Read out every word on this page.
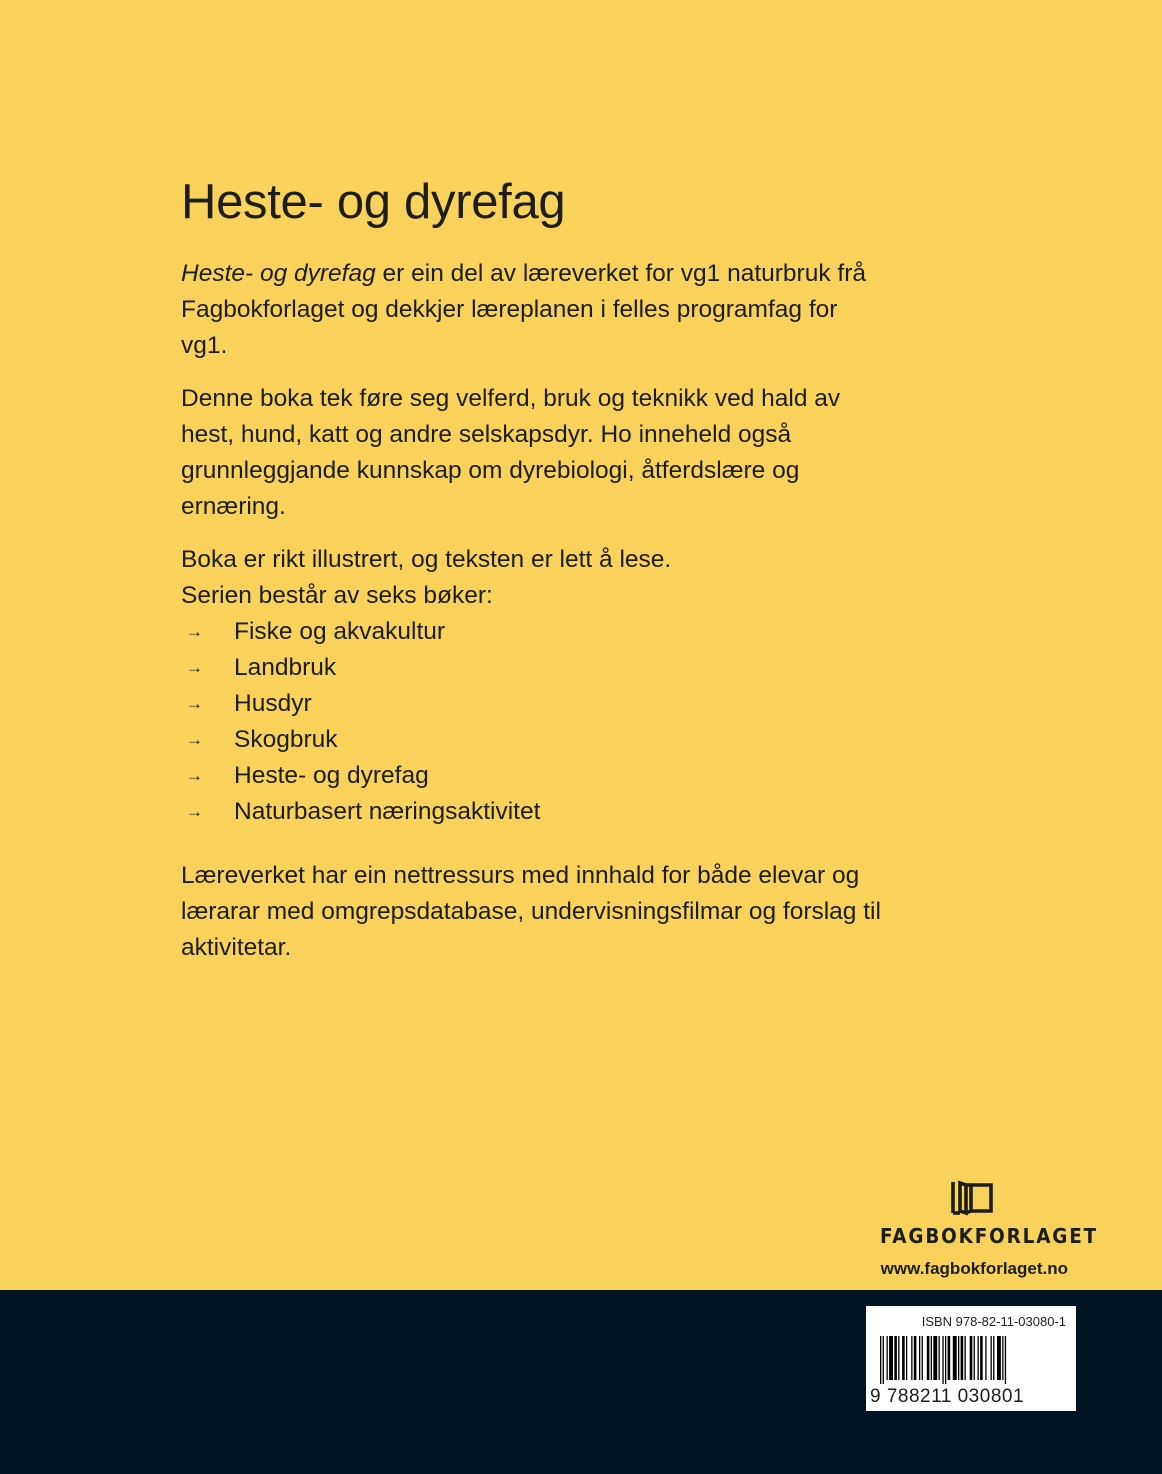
Heste- og dyrefag

Heste- og dyrefag er ein del av læreverket for vg1 naturbruk frå Fagbokforlaget og dekkjer læreplanen i felles programfag for vg1.

Denne boka tek føre seg velferd, bruk og teknikk ved hald av hest, hund, katt og andre selskapsdyr. Ho inneheld også grunnleggjande kunnskap om dyrebiologi, åtferdslære og ernæring.

Boka er rikt illustrert, og teksten er lett å lese.

Serien består av seks bøker:

→ Fiske og akvakultur
→ Landbruk
→ Husdyr
→ Skogbruk
→ Heste- og dyrefag
→ Naturbasert næringsaktivitet

Læreverket har ein nettressurs med innhald for både elevar og lærarar med omgrepsdatabase, undervisningsfilmar og forslag til aktivitetar.

FAGBOKFORLAGET
www.fagbokforlaget.no
ISBN 978-82-11-03080-1
9 788211 030801
